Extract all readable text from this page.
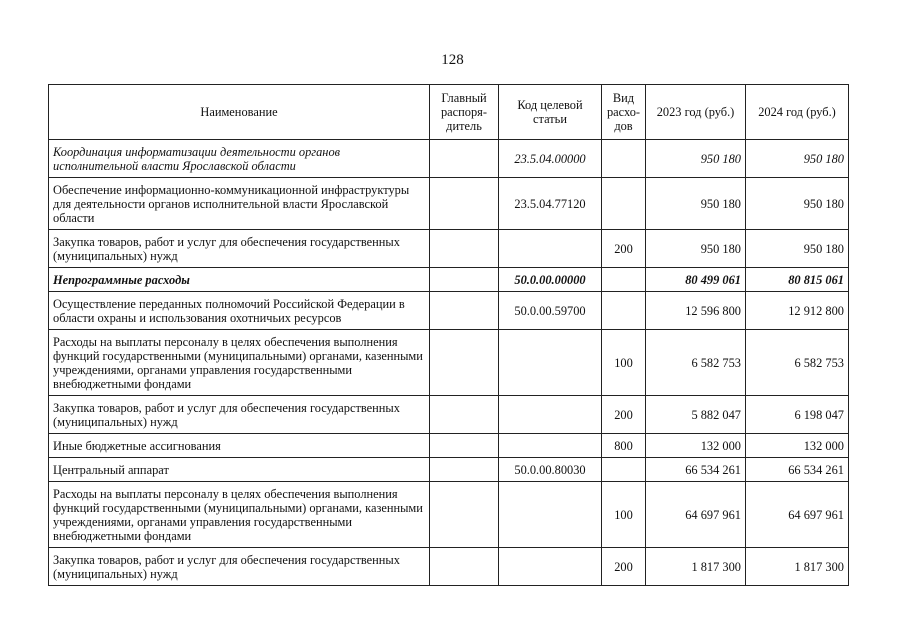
128
Наименование	Главный распоря- дитель	Код целевой статьи	Вид расхо- дов	2023 год (руб.)	2024 год (руб.)
Координация информатизации деятельности органов исполнительной власти Ярославской области		23.5.04.00000		950 180	950 180
Обеспечение информационно-коммуникационной инфраструктуры для деятельности органов исполнительной власти Ярославской области		23.5.04.77120		950 180	950 180
Закупка товаров, работ и услуг для обеспечения государственных (муниципальных) нужд			200	950 180	950 180
Непрограммные расходы		50.0.00.00000		80 499 061	80 815 061
Осуществление переданных полномочий Российской Федерации в области охраны и использования охотничьих ресурсов		50.0.00.59700		12 596 800	12 912 800
Расходы на выплаты персоналу в целях обеспечения выполнения функций государственными (муниципальными) органами, казенными учреждениями, органами управления государственными внебюджетными фондами			100	6 582 753	6 582 753
Закупка товаров, работ и услуг для обеспечения государственных (муниципальных) нужд			200	5 882 047	6 198 047
Иные бюджетные ассигнования			800	132 000	132 000
Центральный аппарат		50.0.00.80030		66 534 261	66 534 261
Расходы на выплаты персоналу в целях обеспечения выполнения функций государственными (муниципальными) органами, казенными учреждениями, органами управления государственными внебюджетными фондами			100	64 697 961	64 697 961
Закупка товаров, работ и услуг для обеспечения государственных (муниципальных) нужд			200	1 817 300	1 817 300
